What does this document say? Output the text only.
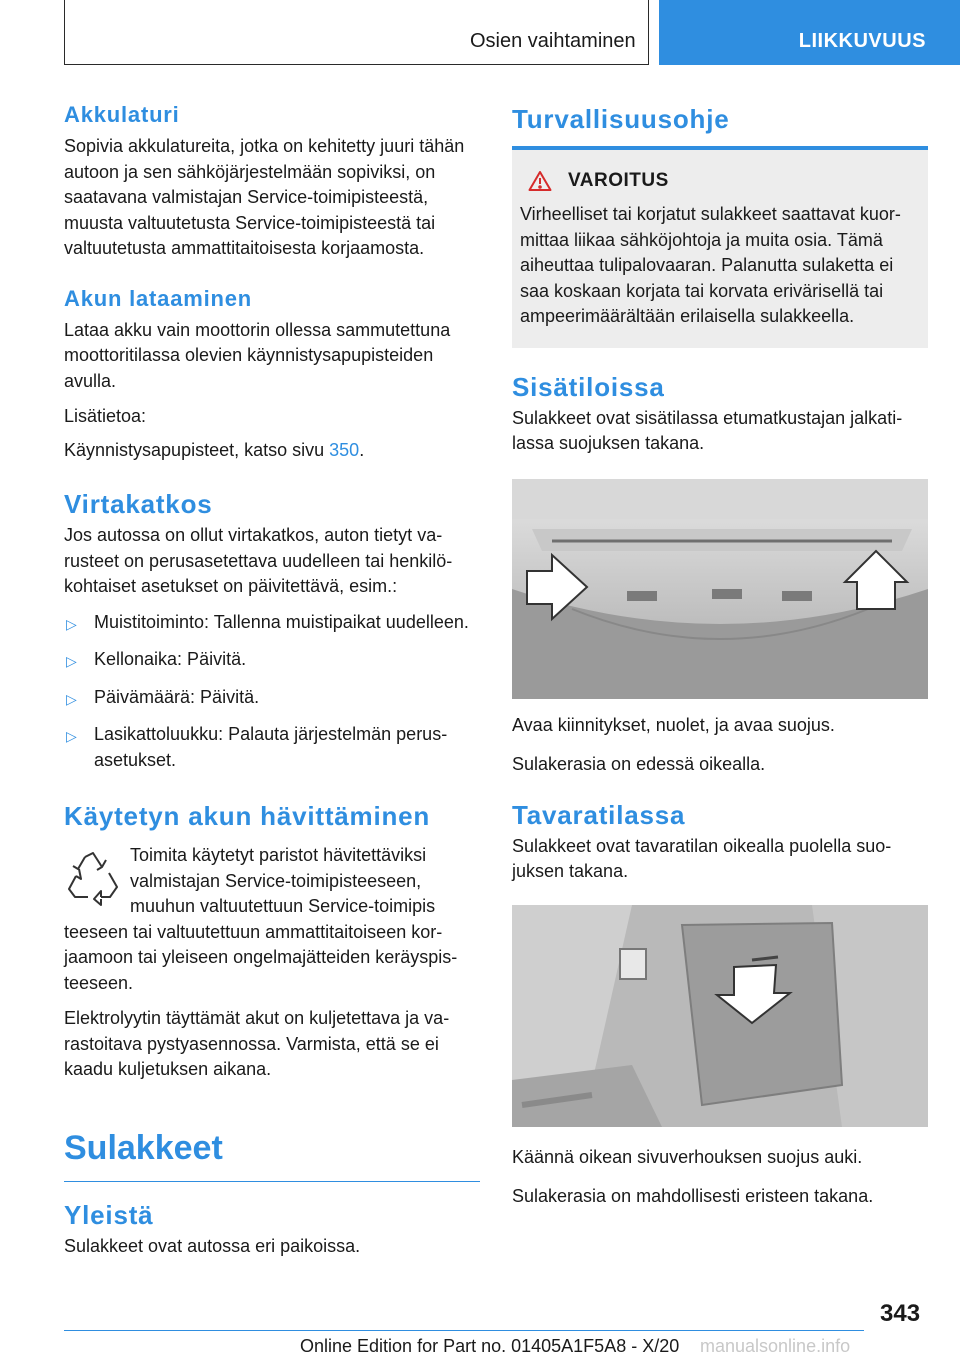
Osien vaihtaminen	LIIKKUVUUS
Akkulaturi

Sopivia akkulatureita, jotka on kehitetty juuri tähän autoon ja sen sähköjärjestelmään sopiviksi, on saatavana valmistajan Service-toimipisteestä, muusta valtuutetusta Service-toimipisteestä tai valtuutetusta ammattitaitoisesta korjaamosta.

Akun lataaminen

Lataa akku vain moottorin ollessa sammutettuna moottoritilassa olevien käynnistysapupisteiden avulla.

Lisätietoa:

Käynnistysapupisteet, katso sivu 350.

Virtakatkos

Jos autossa on ollut virtakatkos, auton tietyt varusteet on perusasetettava uudelleen tai henkilökohtaiset asetukset on päivitettävä, esim.:

▷ Muistitoiminto: Tallenna muistipaikat uudelleen.
▷ Kellonaika: Päivitä.
▷ Päivämäärä: Päivitä.
▷ Lasikattoluukku: Palauta järjestelmän perusasetukset.
Käytetyn akun hävittäminen

Toimita käytetyt paristot hävitettäviksi valmistajan Service-toimipisteeseen, muuhun valtuutettuun Service-toimipis

teeseen tai valtuutettuun ammattitaitoiseen korjaamoon tai yleiseen ongelmajätteiden keräyspisteeseen.

Elektrolyytin täyttämät akut on kuljetettava ja varastoitava pystyasennossa. Varmista, että se ei kaadu kuljetuksen aikana.

Sulakkeet
Yleistä

Sulakkeet ovat autossa eri paikoissa.

Turvallisuusohje
VAROITUS

Virheelliset tai korjatut sulakkeet saattavat kuormittaa liikaa sähköjohtoja ja muita osia. Tämä aiheuttaa tulipalovaaran. Palanutta sulaketta ei saa koskaan korjata tai korvata erivärisellä tai ampeerimäärältään erilaisella sulakkeella.

Sisätiloissa

Sulakkeet ovat sisätilassa etumatkustajan jalkatilassa suojuksen takana.

Avaa kiinnitykset, nuolet, ja avaa suojus.

Sulakerasia on edessä oikealla.

Tavaratilassa

Sulakkeet ovat tavaratilan oikealla puolella suojuksen takana.

Käännä oikean sivuverhouksen suojus auki.

Sulakerasia on mahdollisesti eristeen takana.

343
Online Edition for Part no. 01405A1F5A8 - X/20 manualsonline.info
